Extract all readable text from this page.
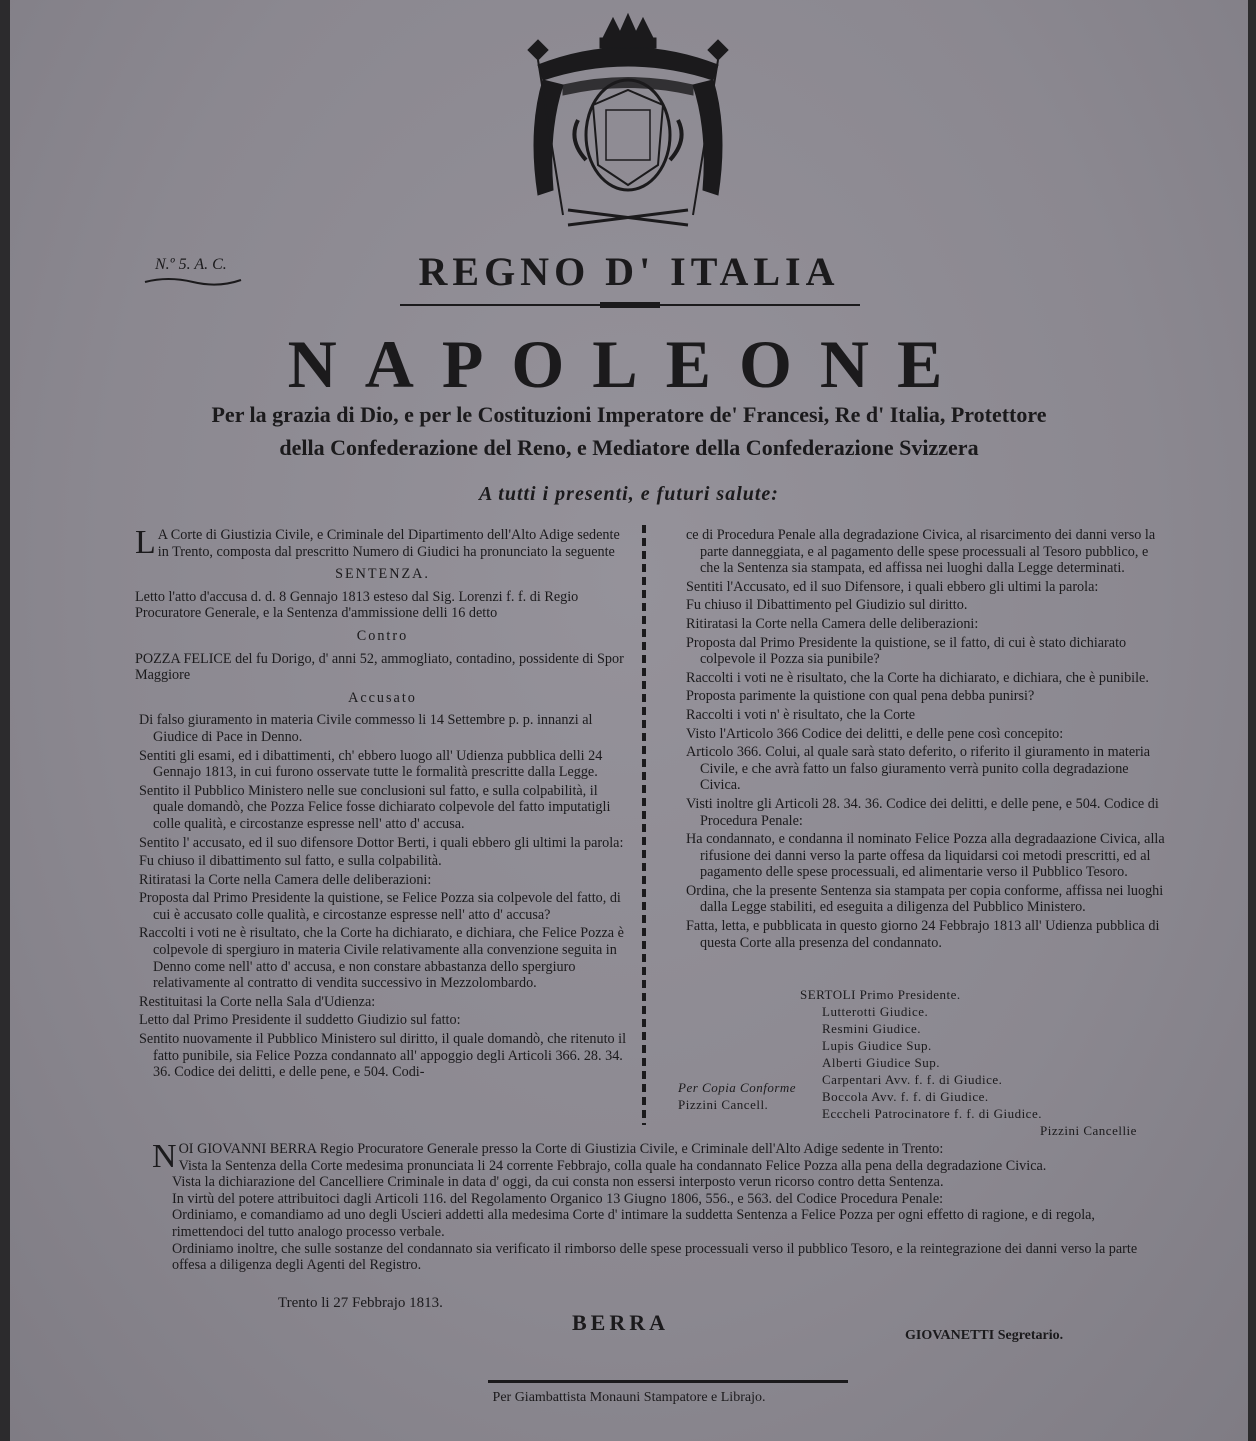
N.º 5. A. C.	REGNO D' ITALIA
NAPOLEONE
Per la grazia di Dio, e per le Costituzioni Imperatore de' Francesi, Re d' Italia, Protettore della Confederazione del Reno, e Mediatore della Confederazione Svizzera
A tutti i presenti, e futuri salute:

L A Corte di Giustizia Civile, e Criminale del Dipartimento dell'Alto Adige sedente in Trento, composta dal prescritto Numero di Giudici ha pronunciato la seguente

SENTENZA.

Letto l'atto d'accusa d. d. 8 Gennajo 1813 esteso dal Sig. Lorenzi f. f. di Regio Procuratore Generale, e la Sentenza d'ammissione delli 16 detto

Contro

POZZA FELICE del fu Dorigo, d' anni 52, ammogliato, contadino, possidente di Spor Maggiore

Accusato

Di falso giuramento in materia Civile commesso li 14 Settembre p. p. innanzi al Giudice di Pace in Denno.

Sentiti gli esami, ed i dibattimenti, ch' ebbero luogo all' Udienza pubblica delli 24 Gennajo 1813, in cui furono osservate tutte le formalità prescritte dalla Legge.

Sentito il Pubblico Ministero nelle sue conclusioni sul fatto, e sulla colpabilità, il quale domandò, che Pozza Felice fosse dichiarato colpevole del fatto imputatigli colle qualità, e circostanze espresse nell' atto d' accusa.

Sentito l' accusato, ed il suo difensore Dottor Berti, i quali ebbero gli ultimi la parola:

Fu chiuso il dibattimento sul fatto, e sulla colpabilità.

Ritiratasi la Corte nella Camera delle deliberazioni:

Proposta dal Primo Presidente la quistione, se Felice Pozza sia colpevole del fatto, di cui è accusato colle qualità, e circostanze espresse nell' atto d' accusa?

Raccolti i voti ne è risultato, che la Corte ha dichiarato, e dichiara, che Felice Pozza è colpevole di spergiuro in materia Civile relativamente alla convenzione seguita in Denno come nell' atto d' accusa, e non constare abbastanza dello spergiuro relativamente al contratto di vendita successivo in Mezzolombardo.

Restituitasi la Corte nella Sala d'Udienza:

Letto dal Primo Presidente il suddetto Giudizio sul fatto:

Sentito nuovamente il Pubblico Ministero sul diritto, il quale domandò, che ritenuto il fatto punibile, sia Felice Pozza condannato all' appoggio degli Articoli 366. 28. 34. 36. Codice dei delitti, e delle pene, e 504. Codi-

ce di Procedura Penale alla degradazione Civica, al risarcimento dei danni verso la parte danneggiata, e al pagamento delle spese processuali al Tesoro pubblico, e che la Sentenza sia stampata, ed affissa nei luoghi dalla Legge determinati.

Sentiti l'Accusato, ed il suo Difensore, i quali ebbero gli ultimi la parola:

Fu chiuso il Dibattimento pel Giudizio sul diritto.

Ritiratasi la Corte nella Camera delle deliberazioni:

Proposta dal Primo Presidente la quistione, se il fatto, di cui è stato dichiarato colpevole il Pozza sia punibile?

Raccolti i voti ne è risultato, che la Corte ha dichiarato, e dichiara, che è punibile.

Proposta parimente la quistione con qual pena debba punirsi?

Raccolti i voti n' è risultato, che la Corte

Visto l'Articolo 366 Codice dei delitti, e delle pene così concepito:

Articolo 366. Colui, al quale sarà stato deferito, o riferito il giuramento in materia Civile, e che avrà fatto un falso giuramento verrà punito colla degradazione Civica.

Visti inoltre gli Articoli 28. 34. 36. Codice dei delitti, e delle pene, e 504. Codice di Procedura Penale:

Ha condannato, e condanna il nominato Felice Pozza alla degradaazione Civica, alla rifusione dei danni verso la parte offesa da liquidarsi coi metodi prescritti, ed al pagamento delle spese processuali, ed alimentarie verso il Pubblico Tesoro.

Ordina, che la presente Sentenza sia stampata per copia conforme, affissa nei luoghi dalla Legge stabiliti, ed eseguita a diligenza del Pubblico Ministero.

Fatta, letta, e pubblicata in questo giorno 24 Febbrajo 1813 all' Udienza pubblica di questa Corte alla presenza del condannato.

SERTOLI Primo Presidente.
Lutterotti Giudice.
Resmini Giudice.
Lupis Giudice Sup.
Alberti Giudice Sup.
Carpentari Avv. f. f. di Giudice.
Boccola Avv. f. f. di Giudice.
Ecccheli Patrocinatore f. f. di Giudice.
Pizzini Cancellie
Per Copia Conforme
Pizzini Cancell.

NOI GIOVANNI BERRA Regio Procuratore Generale presso la Corte di Giustizia Civile, e Criminale dell'Alto Adige sedente in Trento:

Vista la Sentenza della Corte medesima pronunciata li 24 corrente Febbrajo, colla quale ha condannato Felice Pozza alla pena della degradazione Civica.

Vista la dichiarazione del Cancelliere Criminale in data d' oggi, da cui consta non essersi interposto verun ricorso contro detta Sentenza.

In virtù del potere attribuitoci dagli Articoli 116. del Regolamento Organico 13 Giugno 1806, 556., e 563. del Codice Procedura Penale:

Ordiniamo, e comandiamo ad uno degli Uscieri addetti alla medesima Corte d' intimare la suddetta Sentenza a Felice Pozza per ogni effetto di ragione, e di regola, rimettendoci del tutto analogo processo verbale.

Ordiniamo inoltre, che sulle sostanze del condannato sia verificato il rimborso delle spese processuali verso il pubblico Tesoro, e la reintegrazione dei danni verso la parte offesa a diligenza degli Agenti del Registro.

Trento li 27 Febbrajo 1813.
BERRA
GIOVANETTI Segretario.
Per Giambattista Monauni Stampatore e Librajo.
